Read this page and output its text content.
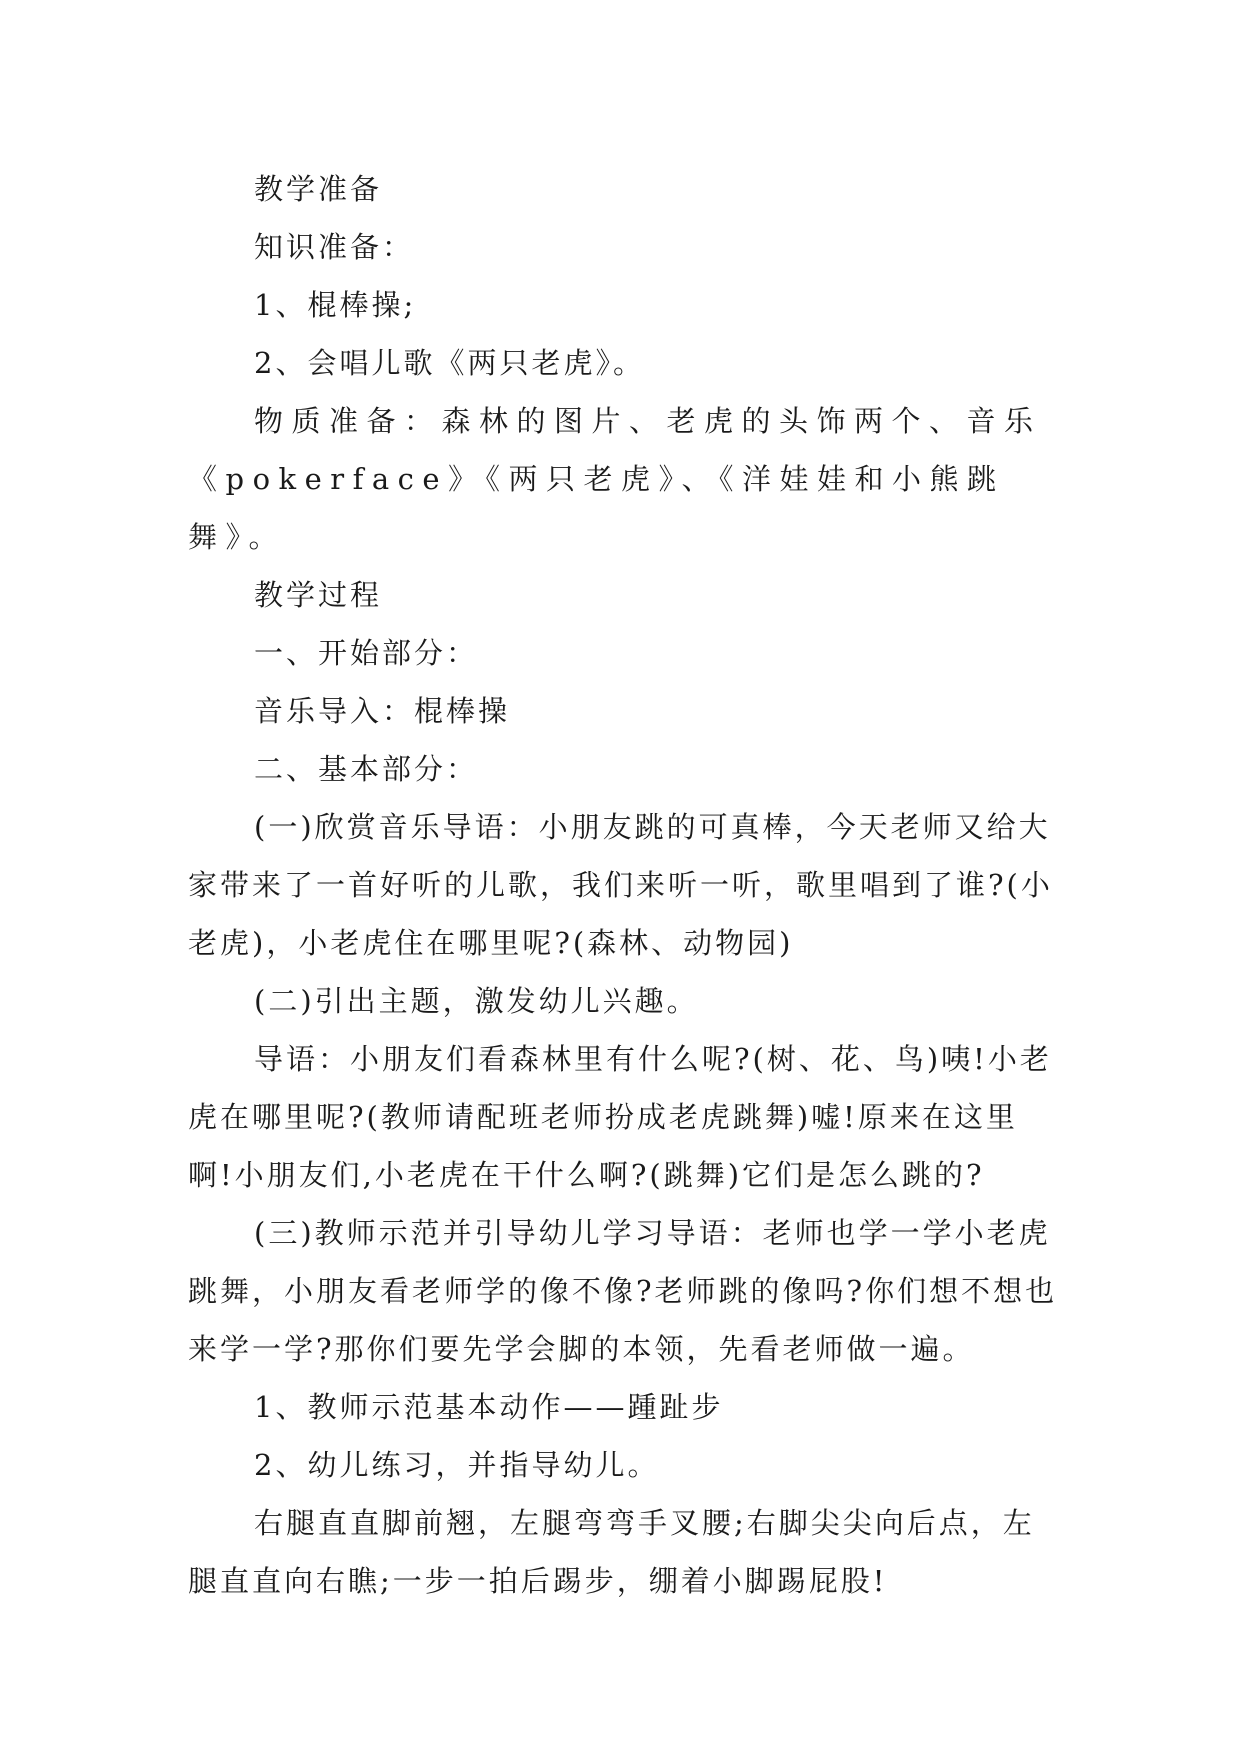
教学准备
知识准备：
1、棍棒操;
2、会唱儿歌《两只老虎》。
物质准备：森林的图片、老虎的头饰两个、音乐《pokerface》《两只老虎》、《洋娃娃和小熊跳舞》。
教学过程
一、开始部分：
音乐导入：棍棒操
二、基本部分：
(一)欣赏音乐导语：小朋友跳的可真棒，今天老师又给大家带来了一首好听的儿歌，我们来听一听，歌里唱到了谁?(小老虎)，小老虎住在哪里呢?(森林、动物园)
(二)引出主题，激发幼儿兴趣。
导语：小朋友们看森林里有什么呢?(树、花、鸟)咦!小老虎在哪里呢?(教师请配班老师扮成老虎跳舞)嘘!原来在这里啊!小朋友们,小老虎在干什么啊?(跳舞)它们是怎么跳的?
(三)教师示范并引导幼儿学习导语：老师也学一学小老虎跳舞，小朋友看老师学的像不像?老师跳的像吗?你们想不想也来学一学?那你们要先学会脚的本领，先看老师做一遍。
1、教师示范基本动作——踵趾步
2、幼儿练习，并指导幼儿。
右腿直直脚前翘，左腿弯弯手叉腰;右脚尖尖向后点，左腿直直向右瞧;一步一拍后踢步，绷着小脚踢屁股!
